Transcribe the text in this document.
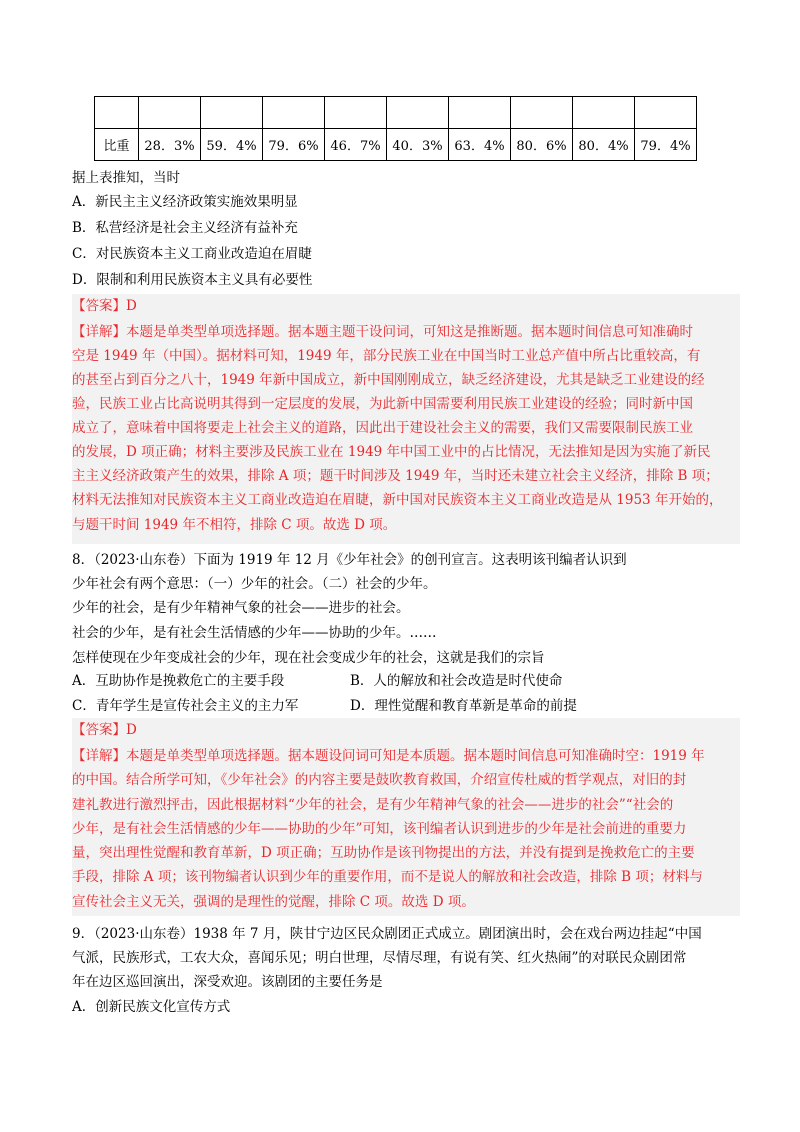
比重	28．3%	59．4%	79．6%	46．7%	40．3%	63．4%	80．6%	80．4%	79．4%
据上表推知，当时
A．新民主主义经济政策实施效果明显
B．私营经济是社会主义经济有益补充
C．对民族资本主义工商业改造迫在眉睫
D．限制和利用民族资本主义具有必要性
【答案】D
【详解】本题是单类型单项选择题。据本题主题干设问词，可知这是推断题。据本题时间信息可知准确时
空是 1949 年（中国）。据材料可知，1949 年，部分民族工业在中国当时工业总产值中所占比重较高，有
的甚至占到百分之八十，1949 年新中国成立，新中国刚刚成立，缺乏经济建设，尤其是缺乏工业建设的经
验，民族工业占比高说明其得到一定层度的发展，为此新中国需要利用民族工业建设的经验；同时新中国
成立了，意味着中国将要走上社会主义的道路，因此出于建设社会主义的需要，我们又需要限制民族工业
的发展，D 项正确；材料主要涉及民族工业在 1949 年中国工业中的占比情况，无法推知是因为实施了新民
主主义经济政策产生的效果，排除 A 项；题干时间涉及 1949 年，当时还未建立社会主义经济，排除 B 项；
材料无法推知对民族资本主义工商业改造迫在眉睫，新中国对民族资本主义工商业改造是从 1953 年开始的，
与题干时间 1949 年不相符，排除 C 项。故选 D 项。
8．（2023·山东卷）下面为 1919 年 12 月《少年社会》的创刊宣言。这表明该刊编者认识到
少年社会有两个意思：（一）少年的社会。（二）社会的少年。
少年的社会，是有少年精神气象的社会——进步的社会。
社会的少年，是有社会生活情感的少年——协助的少年。……
怎样使现在少年变成社会的少年，现在社会变成少年的社会，这就是我们的宗旨
A．互助协作是挽救危亡的主要手段	B．人的解放和社会改造是时代使命
C．青年学生是宣传社会主义的主力军	D．理性觉醒和教育革新是革命的前提
【答案】D
【详解】本题是单类型单项选择题。据本题设问词可知是本质题。据本题时间信息可知准确时空：1919 年
的中国。结合所学可知，《少年社会》的内容主要是鼓吹教育救国，介绍宣传杜威的哲学观点，对旧的封
建礼教进行激烈抨击，因此根据材料“少年的社会，是有少年精神气象的社会——进步的社会”“社会的
少年，是有社会生活情感的少年——协助的少年”可知，该刊编者认识到进步的少年是社会前进的重要力
量，突出理性觉醒和教育革新，D 项正确；互助协作是该刊物提出的方法，并没有提到是挽救危亡的主要
手段，排除 A 项；该刊物编者认识到少年的重要作用，而不是说人的解放和社会改造，排除 B 项；材料与
宣传社会主义无关，强调的是理性的觉醒，排除 C 项。故选 D 项。
9．（2023·山东卷）1938 年 7 月，陕甘宁边区民众剧团正式成立。剧团演出时，会在戏台两边挂起“中国
气派，民族形式，工农大众，喜闻乐见；明白世理，尽情尽理，有说有笑、红火热闹”的对联民众剧团常
年在边区巡回演出，深受欢迎。该剧团的主要任务是
A．创新民族文化宣传方式
